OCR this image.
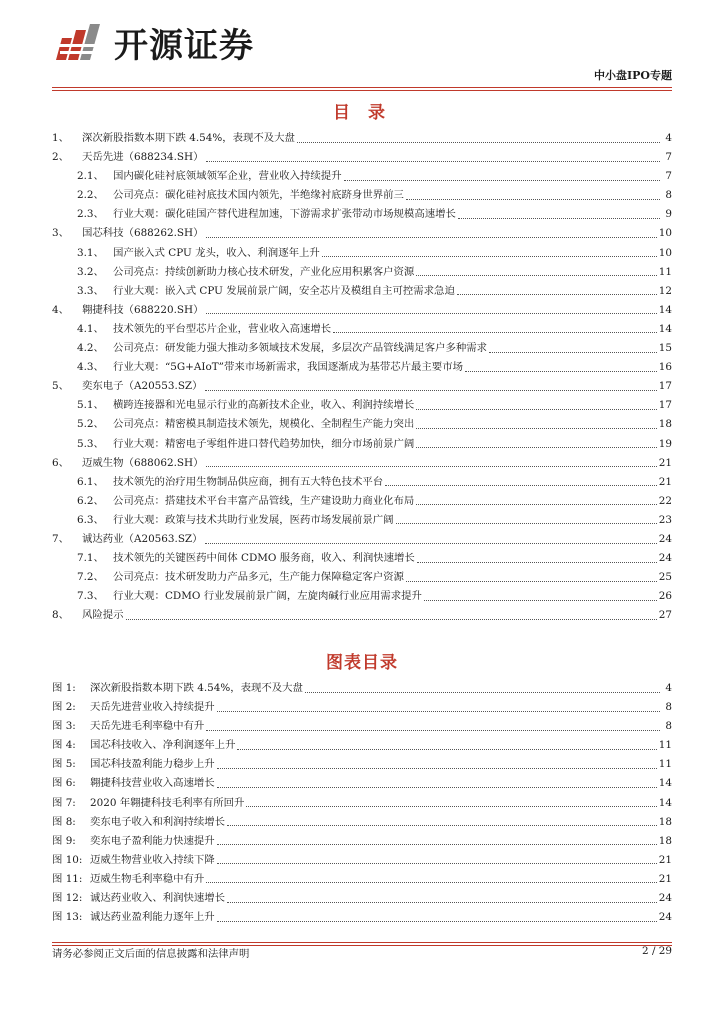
开源证券
中小盘IPO专题
目 录
1、	深次新股指数本期下跌 4.54%，表现不及大盘	4
2、	天岳先进（688234.SH）	7
2.1、 国内碳化硅衬底领域领军企业，营业收入持续提升	7
2.2、 公司亮点：碳化硅衬底技术国内领先，半绝缘衬底跻身世界前三	8
2.3、 行业大观：碳化硅国产替代进程加速，下游需求扩张带动市场规模高速增长	9
3、	国芯科技（688262.SH）	10
3.1、 国产嵌入式 CPU 龙头，收入、利润逐年上升	10
3.2、 公司亮点：持续创新助力核心技术研发，产业化应用积累客户资源	11
3.3、 行业大观：嵌入式 CPU 发展前景广阔，安全芯片及模组自主可控需求急迫	12
4、	翱捷科技（688220.SH）	14
4.1、 技术领先的平台型芯片企业，营业收入高速增长	14
4.2、 公司亮点：研发能力强大推动多领域技术发展，多层次产品管线满足客户多种需求	15
4.3、 行业大观：“5G+AIoT”带来市场新需求，我国逐渐成为基带芯片最主要市场	16
5、	奕东电子（A20553.SZ）	17
5.1、 横跨连接器和光电显示行业的高新技术企业，收入、利润持续增长	17
5.2、 公司亮点：精密模具制造技术领先，规模化、全制程生产能力突出	18
5.3、 行业大观：精密电子零组件进口替代趋势加快，细分市场前景广阔	19
6、	迈威生物（688062.SH）	21
6.1、 技术领先的治疗用生物制品供应商，拥有五大特色技术平台	21
6.2、 公司亮点：搭建技术平台丰富产品管线，生产建设助力商业化布局	22
6.3、 行业大观：政策与技术共助行业发展，医药市场发展前景广阔	23
7、	诚达药业（A20563.SZ）	24
7.1、 技术领先的关键医药中间体 CDMO 服务商，收入、利润快速增长	24
7.2、 公司亮点：技术研发助力产品多元，生产能力保障稳定客户资源	25
7.3、 行业大观：CDMO 行业发展前景广阔，左旋肉碱行业应用需求提升	26
8、	风险提示	27
图表目录
图 1:	深次新股指数本期下跌 4.54%，表现不及大盘	4
图 2:	天岳先进营业收入持续提升	8
图 3:	天岳先进毛利率稳中有升	8
图 4:	国芯科技收入、净利润逐年上升	11
图 5:	国芯科技盈利能力稳步上升	11
图 6:	翱捷科技营业收入高速增长	14
图 7:	2020 年翱捷科技毛利率有所回升	14
图 8:	奕东电子收入和利润持续增长	18
图 9:	奕东电子盈利能力快速提升	18
图 10: 迈威生物营业收入持续下降	21
图 11: 迈威生物毛利率稳中有升	21
图 12: 诚达药业收入、利润快速增长	24
图 13: 诚达药业盈利能力逐年上升	24
请务必参阅正文后面的信息披露和法律声明	2 / 29
